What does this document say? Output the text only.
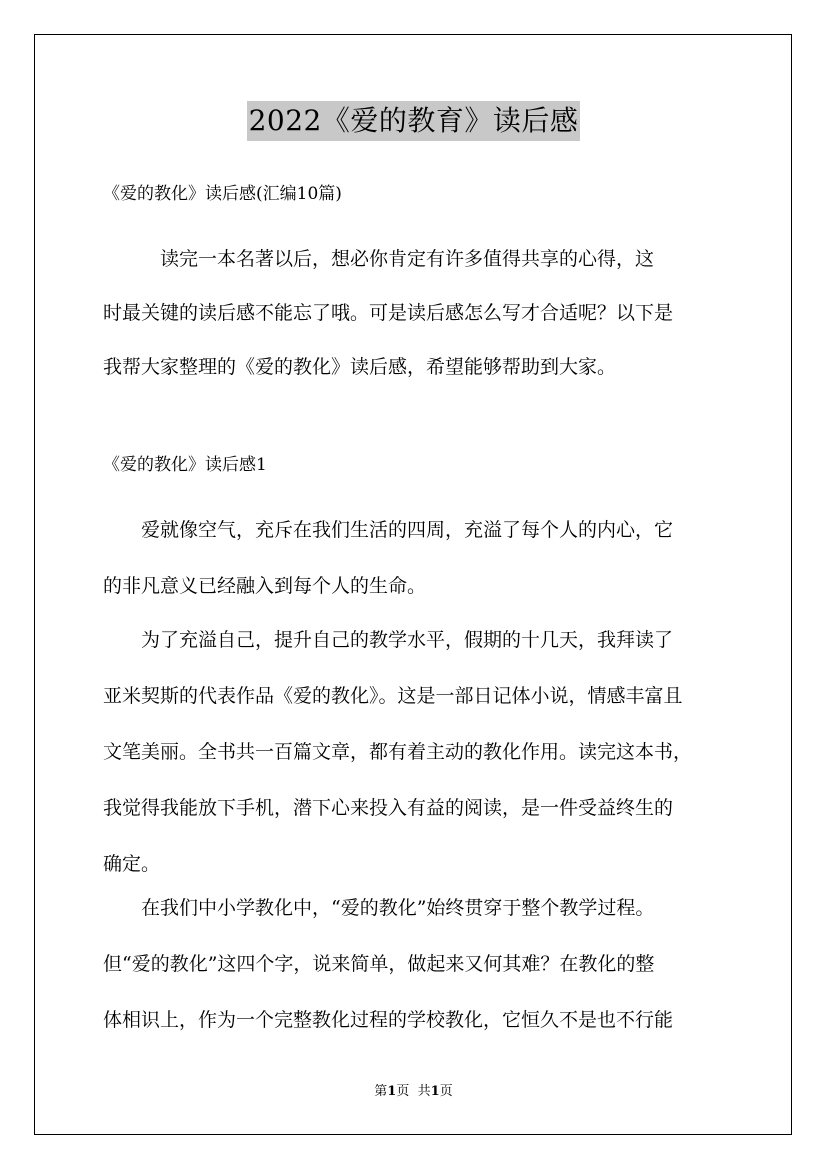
2022《爱的教育》读后感
《爱的教化》读后感(汇编10篇)

　　　读完一本名著以后，想必你肯定有许多值得共享的心得，这
时最关键的读后感不能忘了哦。可是读后感怎么写才合适呢？以下是
我帮大家整理的《爱的教化》读后感，希望能够帮助到大家。

《爱的教化》读后感1

　　爱就像空气，充斥在我们生活的四周，充溢了每个人的内心，它
的非凡意义已经融入到每个人的生命。

　　为了充溢自己，提升自己的教学水平，假期的十几天，我拜读了
亚米契斯的代表作品《爱的教化》。这是一部日记体小说，情感丰富且
文笔美丽。全书共一百篇文章，都有着主动的教化作用。读完这本书，
我觉得我能放下手机，潜下心来投入有益的阅读，是一件受益终生的
确定。

　　在我们中小学教化中，“爱的教化”始终贯穿于整个教学过程。
但“爱的教化”这四个字，说来简单，做起来又何其难？在教化的整
体相识上，作为一个完整教化过程的学校教化，它恒久不是也不行能

第1页 共1页
